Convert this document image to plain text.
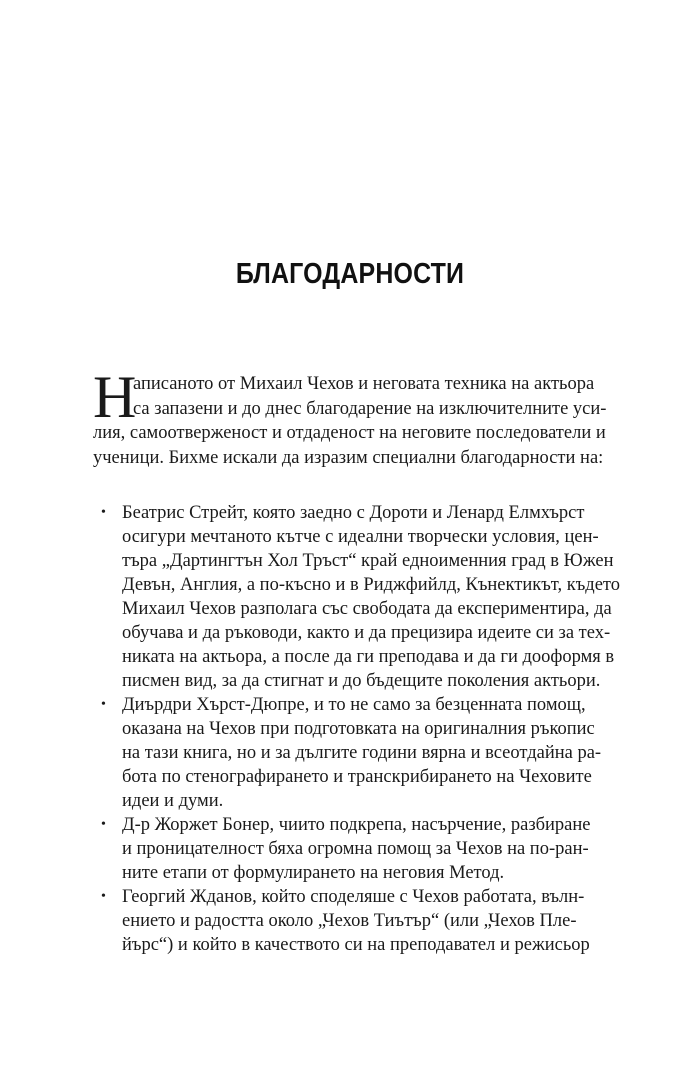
БЛАГОДАРНОСТИ
Н
аписаното от Михаил Чехов и неговата техника на актьора
са запазени и до днес благодарение на изключителните уси-
лия, самоотверженост и отдаденост на неговите последователи и
ученици. Бихме искали да изразим специални благодарности на:
• Беатрис Стрейт, която заедно с Дороти и Ленард Елмхърст
осигури мечтаното кътче с идеални творчески условия, цен-
търа „Дартингтън Хол Тръст“ край едноименния град в Южен
Девън, Англия, а по-късно и в Риджфийлд, Кънектикът, където
Михаил Чехов разполага със свободата да експериментира, да
обучава и да ръководи, както и да прецизира идеите си за тех-
никата на актьора, а после да ги преподава и да ги дооформя в
писмен вид, за да стигнат и до бъдещите поколения актьори.
• Диърдри Хърст-Дюпре, и то не само за безценната помощ,
оказана на Чехов при подготовката на оригиналния ръкопис
на тази книга, но и за дългите години вярна и всеотдайна ра-
бота по стенографирането и транскрибирането на Чеховите
идеи и думи.
• Д-р Жоржет Бонер, чиито подкрепа, насърчение, разбиране
и проницателност бяха огромна помощ за Чехов на по-ран-
ните етапи от формулирането на неговия Метод.
• Георгий Жданов, който споделяше с Чехов работата, вълн-
ението и радостта около „Чехов Тиътър“ (или „Чехов Пле-
йърс“) и който в качеството си на преподавател и режисьор
